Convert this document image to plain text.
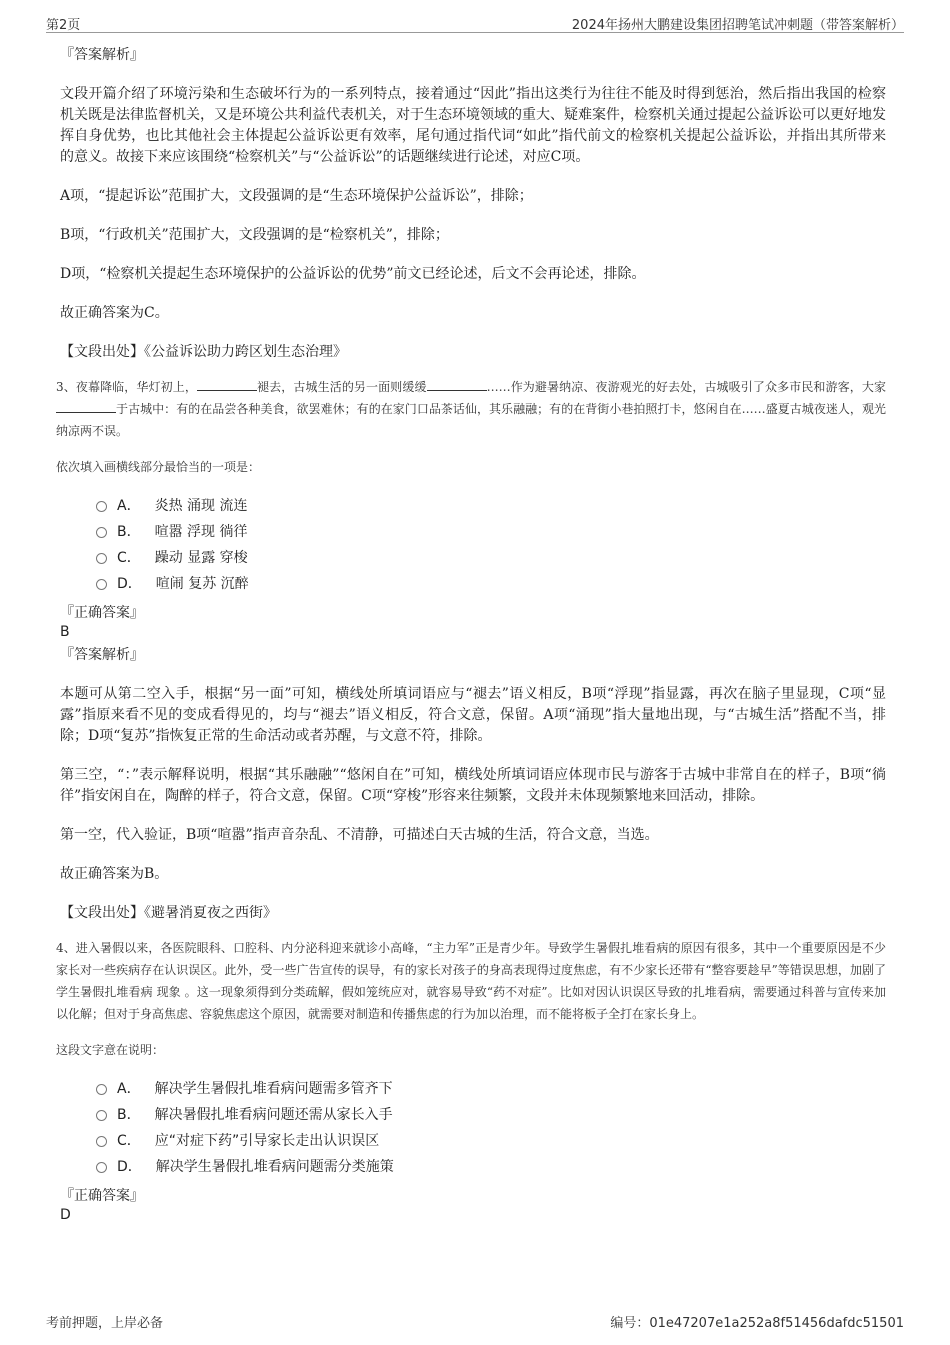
第2页	2024年扬州大鹏建设集团招聘笔试冲刺题（带答案解析）
『答案解析』

文段开篇介绍了环境污染和生态破坏行为的一系列特点，接着通过“因此”指出这类行为往往不能及时得到惩治，然后指出我国的检察机关既是法律监督机关，又是环境公共利益代表机关，对于生态环境领域的重大、疑难案件，检察机关通过提起公益诉讼可以更好地发挥自身优势，也比其他社会主体提起公益诉讼更有效率，尾句通过指代词“如此”指代前文的检察机关提起公益诉讼，并指出其所带来的意义。故接下来应该围绕“检察机关”与“公益诉讼”的话题继续进行论述，对应C项。

A项，“提起诉讼”范围扩大，文段强调的是“生态环境保护公益诉讼”，排除；

B项，“行政机关”范围扩大，文段强调的是“检察机关”，排除；

D项，“检察机关提起生态环境保护的公益诉讼的优势”前文已经论述，后文不会再论述，排除。

故正确答案为C。

【文段出处】《公益诉讼助力跨区划生态治理》

3、夜幕降临，华灯初上，	褪去，古城生活的另一面则缓缓	……作为避暑纳凉、夜游观光的好去处，古城吸引了众多市民和游客，大家于古城中：有的在品尝各种美食，欲罢难休；有的在家门口品茶话仙，其乐融融；有的在背街小巷拍照打卡，悠闲自在……盛夏古城夜迷人，观光纳凉两不误。

依次填入画横线部分最恰当的一项是：

A． 炎热 涌现 流连
B． 喧嚣 浮现 徜徉
C． 躁动 显露 穿梭
D． 喧闹 复苏 沉醉
『正确答案』
B
『答案解析』

本题可从第二空入手，根据“另一面”可知，横线处所填词语应与“褪去”语义相反，B项“浮现”指显露，再次在脑子里显现，C项“显露”指原来看不见的变成看得见的，均与“褪去”语义相反，符合文意，保留。A项“涌现”指大量地出现，与“古城生活”搭配不当，排除；D项“复苏”指恢复正常的生命活动或者苏醒，与文意不符，排除。

第三空，“：”表示解释说明，根据“其乐融融”“悠闲自在”可知，横线处所填词语应体现市民与游客于古城中非常自在的样子，B项“徜徉”指安闲自在，陶醉的样子，符合文意，保留。C项“穿梭”形容来往频繁，文段并未体现频繁地来回活动，排除。

第一空，代入验证，B项“喧嚣”指声音杂乱、不清静，可描述白天古城的生活，符合文意，当选。

故正确答案为B。

【文段出处】《避暑消夏夜之西街》

4、进入暑假以来，各医院眼科、口腔科、内分泌科迎来就诊小高峰，“主力军”正是青少年。导致学生暑假扎堆看病的原因有很多，其中一个重要原因是不少家长对一些疾病存在认识误区。此外，受一些广告宣传的误导，有的家长对孩子的身高表现得过度焦虑，有不少家长还带有“整容要趁早”等错误思想，加剧了学生暑假扎堆看病 现象 。这一现象须得到分类疏解，假如笼统应对，就容易导致“药不对症”。比如对因认识误区导致的扎堆看病，需要通过科普与宣传来加以化解；但对于身高焦虑、容貌焦虑这个原因，就需要对制造和传播焦虑的行为加以治理，而不能将板子全打在家长身上。

这段文字意在说明：

A． 解决学生暑假扎堆看病问题需多管齐下
B． 解决暑假扎堆看病问题还需从家长入手
C． 应“对症下药”引导家长走出认识误区
D． 解决学生暑假扎堆看病问题需分类施策
『正确答案』
D
考前押题，上岸必备	编号：01e47207e1a252a8f51456dafdc51501
